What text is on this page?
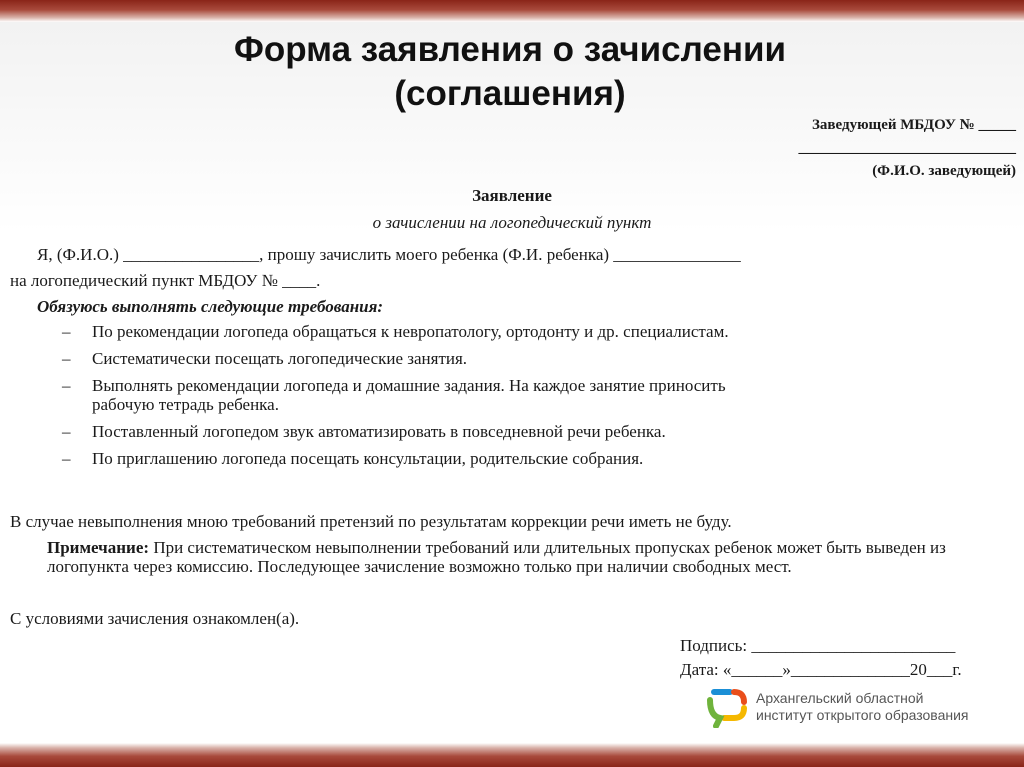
Форма заявления о зачислении
(соглашения)
Заведующей МБДОУ № _____
_____________________________
(Ф.И.О. заведующей)
Заявление
о зачислении на логопедический пункт
Я, (Ф.И.О.) ________________, прошу зачислить моего ребенка (Ф.И. ребенка) _______________
на логопедический пункт МБДОУ № ____.
Обязуюсь выполнять следующие требования:
– По рекомендации логопеда обращаться к невропатологу, ортодонту и др. специалистам.
– Систематически посещать логопедические занятия.
– Выполнять рекомендации логопеда и домашние задания. На каждое занятие приносить рабочую тетрадь ребенка.
– Поставленный логопедом звук автоматизировать в повседневной речи ребенка.
– По приглашению логопеда посещать консультации, родительские собрания.
В случае невыполнения мною требований претензий по результатам коррекции речи иметь не буду.
Примечание: При систематическом невыполнении требований или длительных пропусках ребенок может быть выведен из логопункта через комиссию. Последующее зачисление возможно только при наличии свободных мест.
С условиями зачисления ознакомлен(а).
Подпись: ________________________
Дата: «______»______________20___г.
Архангельский областной
институт открытого образования
